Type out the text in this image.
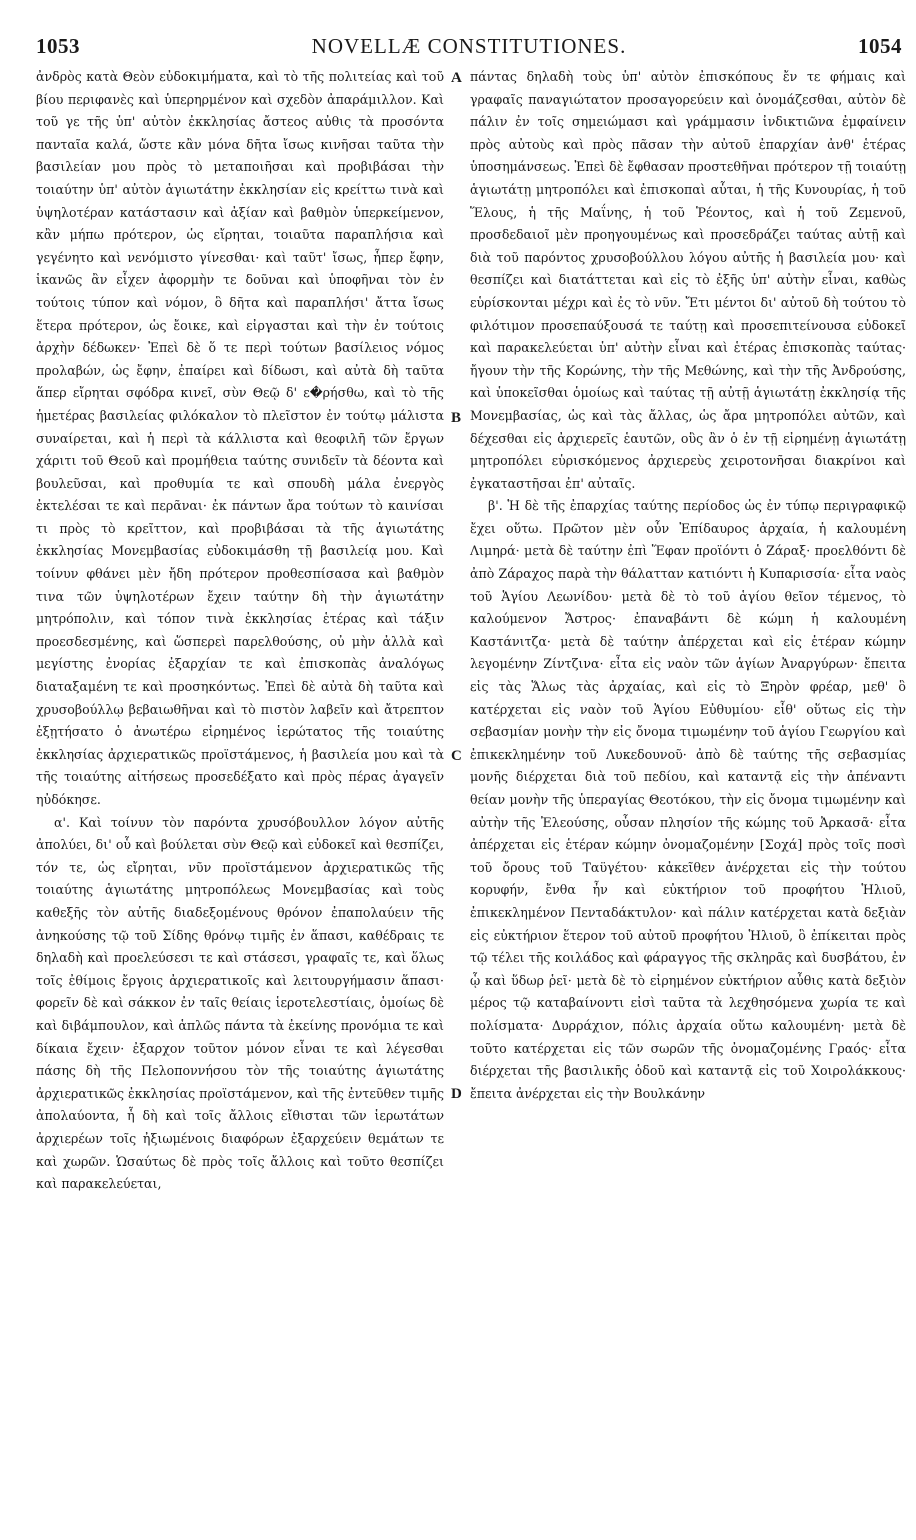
1053	NOVELLÆ CONSTITUTIONES.	1054

ἀνδρὸς κατὰ Θεὸν εὐδοκιμήματα, καὶ τὸ τῆς πολιτείας καὶ τοῦ βίου περιφανὲς καὶ ὑπερηρμένον καὶ σχεδὸν ἀπαράμιλλον. Καὶ τοῦ γε τῆς ὑπ' αὐτὸν ἐκκλησίας ἄστεος αὐθις τὰ προσόντα πανταῖα καλά, ὥστε κἂν μόνα δῆτα ἴσως κινῆσαι ταῦτα τὴν βασιλείαν μου πρὸς τὸ μεταποιῆσαι καὶ προβιβάσαι τὴν τοιαύτην ὑπ' αὐτὸν ἁγιωτάτην ἐκκλησίαν εἰς κρείττω τινὰ καὶ ὑψηλοτέραν κατάστασιν καὶ ἀξίαν καὶ βαθμὸν ὑπερκείμενον, κἂν μήπω πρότερον, ὡς εἴρηται, τοιαῦτα παραπλήσια καὶ γεγένητο καὶ νενόμιστο γίνεσθαι· καὶ ταῦτ' ἴσως, ἧπερ ἔφην, ἱκανῶς ἂν εἶχεν ἀφορμὴν τε δοῦναι καὶ ὑποφῆναι τὸν ἐν τούτοις τύπον καὶ νόμον, ὃ δῆτα καὶ παραπλήσι' ἄττα ἴσως ἕτερα πρότερον, ὡς ἔοικε, καὶ εἰργασται καὶ τὴν ἐν τούτοις ἀρχὴν δέδωκεν· Ἐπεὶ δὲ ὅ τε περὶ τούτων βασίλειος νόμος προλαβών, ὡς ἔφην, ἐπαίρει καὶ δίδωσι, καὶ αὐτὰ δὴ ταῦτα ἅπερ εἴρηται σφόδρα κινεῖ, σὺν Θεῷ δ' ε�ρήσθω, καὶ τὸ τῆς ἡμετέρας βασιλείας φιλόκαλον τὸ πλεῖστον ἐν τούτῳ μάλιστα συναίρεται, καὶ ἡ περὶ τὰ κάλλιστα καὶ θεοφιλῆ τῶν ἔργων χάριτι τοῦ Θεοῦ καὶ προμήθεια ταύτης συνιδεῖν τὰ δέοντα καὶ βουλεῦσαι, καὶ προθυμία τε καὶ σπουδὴ μάλα ἐνεργὸς ἐκτελέσαι τε καὶ περᾶναι· ἐκ πάντων ἄρα τούτων τὸ καινίσαι τι πρὸς τὸ κρεῖττον, καὶ προβιβάσαι τὰ τῆς ἁγιωτάτης ἐκκλησίας Μονεμβασίας εὐδοκιμάσθη τῇ βασιλείᾳ μου. Καὶ τοίνυν φθάνει μὲν ἤδη πρότερον προθεσπίσασα καὶ βαθμὸν τινα τῶν ὑψηλοτέρων ἔχειν ταύτην δὴ τὴν ἁγιωτάτην μητρόπολιν, καὶ τόπον τινὰ ἐκκλησίας ἑτέρας καὶ τάξιν προεσδεσμένης, καὶ ὥσπερεὶ παρελθούσης, οὐ μὴν ἀλλὰ καὶ μεγίστης ἐνορίας ἐξαρχίαν τε καὶ ἐπισκοπὰς ἀναλόγως διαταξαμένη τε καὶ προσηκόντως. Ἐπεὶ δὲ αὐτὰ δὴ ταῦτα καὶ χρυσοβούλλῳ βεβαιωθῆναι καὶ τὸ πιστὸν λαβεῖν καὶ ἄτρεπτον ἐξῃτήσατο ὁ ἀνωτέρω εἰρημένος ἱερώτατος τῆς τοιαύτης ἐκκλησίας ἀρχιερατικῶς προϊστάμενος, ἡ βασιλεία μου καὶ τὰ τῆς τοιαύτης αἰτήσεως προσεδέξατο καὶ πρὸς πέρας ἀγαγεῖν ηὐδόκησε.

α'. Καὶ τοίνυν τὸν παρόντα χρυσόβουλλον λόγον αὐτῆς ἀπολύει, δι' οὗ καὶ βούλεται σὺν Θεῷ καὶ εὐδοκεῖ καὶ θεσπίζει, τόν τε, ὡς εἴρηται, νῦν προϊστάμενον ἀρχιερατικῶς τῆς τοιαύτης ἁγιωτάτης μητροπόλεως Μονεμβασίας καὶ τοὺς καθεξῆς τὸν αὐτῆς διαδεξομένους θρόνον ἐπαπολαύειν τῆς ἀνηκούσης τῷ τοῦ Σίδης θρόνῳ τιμῆς ἐν ἅπασι, καθέδραις τε δηλαδὴ καὶ προελεύσεσι τε καὶ στάσεσι, γραφαῖς τε, καὶ ὅλως τοῖς ἐθίμοις ἔργοις ἀρχιερατικοῖς καὶ λειτουργήμασιν ἅπασι· φορεῖν δὲ καὶ σάκκον ἐν ταῖς θείαις ἱεροτελεστίαις, ὁμοίως δὲ καὶ διβάμπουλον, καὶ ἁπλῶς πάντα τὰ ἐκείνης προνόμια τε καὶ δίκαια ἔχειν· ἐξαρχον τοῦτον μόνον εἶναι τε καὶ λέγεσθαι πάσης δὴ τῆς Πελοποννήσου τὸν τῆς τοιαύτης ἁγιωτάτης ἀρχιερατικῶς ἐκκλησίας προϊστάμενον, καὶ τῆς ἐντεῦθεν τιμῆς ἀπολαύοντα, ἧ δὴ καὶ τοῖς ἄλλοις εἴθισται τῶν ἱερωτάτων ἀρχιερέων τοῖς ἠξιωμένοις διαφόρων ἐξαρχεύειν θεμάτων τε καὶ χωρῶν. Ὡσαύτως δὲ πρὸς τοῖς ἄλλοις καὶ τοῦτο θεσπίζει καὶ παρακελεύεται,

A
B
C
D

πάντας δηλαδὴ τοὺς ὑπ' αὐτὸν ἐπισκόπους ἔν τε φήμαις καὶ γραφαῖς παναγιώτατον προσαγορεύειν καὶ ὀνομάζεσθαι, αὐτὸν δὲ πάλιν ἐν τοῖς σημειώμασι καὶ γράμμασιν ἰνδικτιῶνα ἐμφαίνειν πρὸς αὐτοὺς καὶ πρὸς πᾶσαν τὴν αὐτοῦ ἐπαρχίαν ἀνθ' ἑτέρας ὑποσημάνσεως. Ἐπεὶ δὲ ἔφθασαν προστεθῆναι πρότερον τῇ τοιαύτῃ ἁγιωτάτῃ μητροπόλει καὶ ἐπισκοπαὶ αὗται, ἡ τῆς Κυνουρίας, ἡ τοῦ Ἕλους, ἡ τῆς Μαΐνης, ἡ τοῦ Ῥέοντος, καὶ ἡ τοῦ Ζεμενοῦ, προσδεδαιοῖ μὲν προηγουμένως καὶ προσεδράζει ταύτας αὐτῇ καὶ διὰ τοῦ παρόντος χρυσοβούλλου λόγου αὐτῆς ἡ βασιλεία μου· καὶ θεσπίζει καὶ διατάττεται καὶ εἰς τὸ ἐξῆς ὑπ' αὐτὴν εἶναι, καθὼς εὑρίσκονται μέχρι καὶ ἐς τὸ νῦν. Ἔτι μέντοι δι' αὐτοῦ δὴ τούτου τὸ φιλότιμον προσεπαύξουσά τε ταύτῃ καὶ προσεπιτείνουσα εὐδοκεῖ καὶ παρακελεύεται ὑπ' αὐτὴν εἶναι καὶ ἑτέρας ἐπισκοπὰς ταύτας· ἤγουν τὴν τῆς Κορώνης, τὴν τῆς Μεθώνης, καὶ τὴν τῆς Ἀνδρούσης, καὶ ὑποκεῖσθαι ὁμοίως καὶ ταύτας τῇ αὐτῇ ἁγιωτάτῃ ἐκκλησίᾳ τῆς Μονεμβασίας, ὡς καὶ τὰς ἄλλας, ὡς ἄρα μητροπόλει αὐτῶν, καὶ δέχεσθαι εἰς ἀρχιερεῖς ἑαυτῶν, οὓς ἂν ὁ ἐν τῇ εἰρημένῃ ἁγιωτάτῃ μητροπόλει εὑρισκόμενος ἀρχιερεὺς χειροτονῆσαι διακρίνοι καὶ ἐγκαταστῆσαι ἐπ' αὐταῖς.

β'. Ἡ δὲ τῆς ἐπαρχίας ταύτης περίοδος ὡς ἐν τύπῳ περιγραφικῷ ἔχει οὕτω. Πρῶτον μὲν οὖν Ἐπίδαυρος ἀρχαία, ἡ καλουμένη Λιμηρά· μετὰ δὲ ταύτην ἐπὶ Ἕφαν προϊόντι ὁ Ζάραξ· προελθόντι δὲ ἀπὸ Ζάραχος παρὰ τὴν θάλατταν κατιόντι ἡ Κυπαρισσία· εἶτα ναὸς τοῦ Ἁγίου Λεωνίδου· μετὰ δὲ τὸ τοῦ ἁγίου θεῖον τέμενος, τὸ καλούμενον Ἄστρος· ἐπαναβάντι δὲ κώμη ἡ καλουμένη Καστάνιτζα· μετὰ δὲ ταύτην ἀπέρχεται καὶ εἰς ἑτέραν κώμην λεγομένην Ζίντζινα· εἶτα εἰς ναὸν τῶν ἁγίων Ἀναργύρων· ἔπειτα εἰς τὰς Ἅλως τὰς ἀρχαίας, καὶ εἰς τὸ Ξηρὸν φρέαρ, μεθ' ὃ κατέρχεται εἰς ναὸν τοῦ Ἁγίου Εὐθυμίου· εἶθ' οὕτως εἰς τὴν σεβασμίαν μονὴν τὴν εἰς ὄνομα τιμωμένην τοῦ ἁγίου Γεωργίου καὶ ἐπικεκλημένην τοῦ Λυκεδουνοῦ· ἀπὸ δὲ ταύτης τῆς σεβασμίας μονῆς διέρχεται διὰ τοῦ πεδίου, καὶ καταντᾷ εἰς τὴν ἀπέναντι θείαν μονὴν τῆς ὑπεραγίας Θεοτόκου, τὴν εἰς ὄνομα τιμωμένην καὶ αὐτὴν τῆς Ἐλεούσης, οὖσαν πλησίον τῆς κώμης τοῦ Ἀρκασᾶ· εἶτα ἀπέρχεται εἰς ἑτέραν κώμην ὀνομαζομένην [Σοχά] πρὸς τοῖς ποσὶ τοῦ ὄρους τοῦ Ταϋγέτου· κἀκεῖθεν ἀνέρχεται εἰς τὴν τούτου κορυφήν, ἔνθα ἦν καὶ εὐκτήριον τοῦ προφήτου Ἡλιοῦ, ἐπικεκλημένον Πενταδάκτυλον· καὶ πάλιν κατέρχεται κατὰ δεξιὰν εἰς εὐκτήριον ἕτερον τοῦ αὐτοῦ προφήτου Ἡλιοῦ, ὃ ἐπίκειται πρὸς τῷ τέλει τῆς κοιλάδος καὶ φάραγγος τῆς σκληρᾶς καὶ δυσβάτου, ἐν ᾧ καὶ ὕδωρ ῥεῖ· μετὰ δὲ τὸ εἰρημένον εὐκτήριον αὖθις κατὰ δεξιὸν μέρος τῷ καταβαίνοντι εἰσὶ ταῦτα τὰ λεχθησόμενα χωρία τε καὶ πολίσματα· Δυρράχιον, πόλις ἀρχαία οὕτω καλουμένη· μετὰ δὲ τοῦτο κατέρχεται εἰς τῶν σωρῶν τῆς ὀνομαζομένης Γραός· εἶτα διέρχεται τῆς βασιλικῆς ὁδοῦ καὶ καταντᾷ εἰς τοῦ Χοιρολάκκους· ἔπειτα ἀνέρχεται εἰς τὴν Βουλκάνην
